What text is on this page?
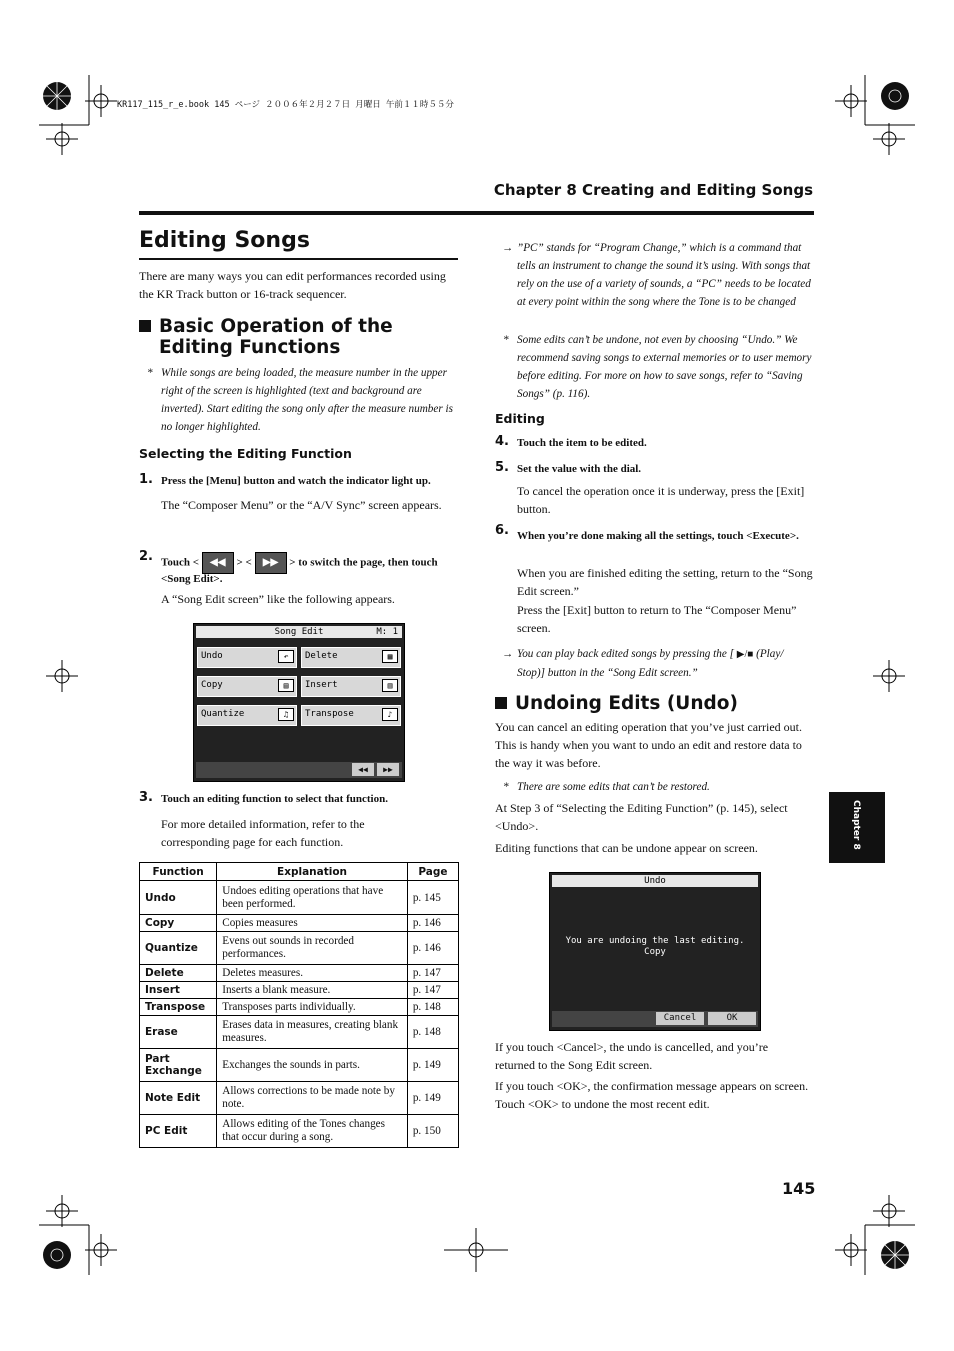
KR117_115_r_e.book 145 ページ ２００６年２月２７日 月曜日 午前１１時５５分
Chapter 8 Creating and Editing Songs
Chapter 8
Editing Songs
There are many ways you can edit performances recorded using the KR Track button or 16-track sequencer.
Basic Operation of the Editing Functions
* While songs are being loaded, the measure number in the upper right of the screen is highlighted (text and background are inverted). Start editing the song only after the measure number is no longer highlighted.
Selecting the Editing Function
1. Press the [Menu] button and watch the indicator light up.
The “Composer Menu” or the “A/V Sync” screen appears.
2. Touch < ◀◀ > < ▶▶ > to switch the page, then touch
<Song Edit>.
A “Song Edit screen” like the following appears.
Song Edit	M: 1
Undo	↶	Delete	▦
Copy	▤	Insert	▥
Quantize	♫	Transpose	♪
◀◀	▶▶
3. Touch an editing function to select that function.
For more detailed information, refer to the corresponding page for each function.
Function	Explanation	Page
Undo	Undoes editing operations that have been performed.	p. 145
Copy	Copies measures	p. 146
Quantize	Evens out sounds in recorded performances.	p. 146
Delete	Deletes measures.	p. 147
Insert	Inserts a blank measure.	p. 147
Transpose	Transposes parts individually.	p. 148
Erase	Erases data in measures, creating blank measures.	p. 148
Part Exchange	Exchanges the sounds in parts.	p. 149
Note Edit	Allows corrections to be made note by note.	p. 149
PC Edit	Allows editing of the Tones changes that occur during a song.	p. 150
→ ”PC” stands for “Program Change,” which is a command that tells an instrument to change the sound it’s using. With songs that rely on the use of a variety of sounds, a “PC” needs to be located at every point within the song where the Tone is to be changed
* Some edits can’t be undone, not even by choosing “Undo.” We recommend saving songs to external memories or to user memory before editing. For more on how to save songs, refer to “Saving Songs” (p. 116).
Editing
4. Touch the item to be edited.
5. Set the value with the dial.
To cancel the operation once it is underway, press the [Exit] button.
6. When you’re done making all the settings, touch <Execute>.
When you are finished editing the setting, return to the “Song Edit screen.”
Press the [Exit] button to return to The “Composer Menu” screen.
→ You can play back edited songs by pressing the [ ▶/■ (Play/ Stop)] button in the “Song Edit screen.”
Undoing Edits (Undo)
You can cancel an editing operation that you’ve just carried out. This is handy when you want to undo an edit and restore data to the way it was before.
* There are some edits that can’t be restored.
At Step 3 of “Selecting the Editing Function” (p. 145), select <Undo>.
Editing functions that can be undone appear on screen.
Undo
You are undoing the last editing.
Copy
Cancel	OK
If you touch <Cancel>, the undo is cancelled, and you’re returned to the Song Edit screen.
If you touch <OK>, the confirmation message appears on screen. Touch <OK> to undone the most recent edit.
145
